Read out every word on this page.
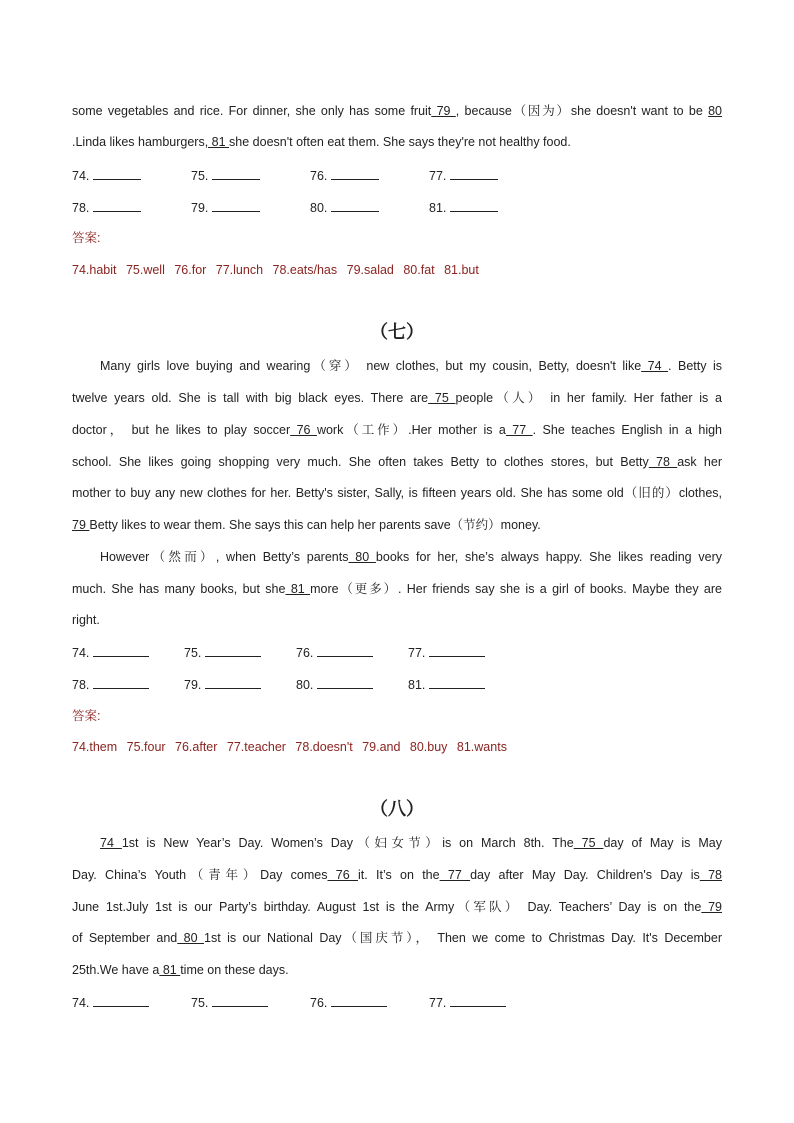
some vegetables and rice. For dinner, she only has some fruit 79 , because（因为）she doesn't want to be 80
.Linda likes hamburgers, 81 she doesn't often eat them. She says they're not healthy food.
74.	75.	76.	77.
78.	79.	80.	81.
答案:
74.habit 75.well 76.for 77.lunch 78.eats/has 79.salad 80.fat 81.but
（七）
Many girls love buying and wearing（穿） new clothes, but my cousin, Betty, doesn't like 74 . Betty is
twelve years old. She is tall with big black eyes. There are 75 people（人） in her family. Her father is a
doctor， but he likes to play soccer 76 work（工作）.Her mother is a 77 . She teaches English in a high
school. She likes going shopping very much. She often takes Betty to clothes stores, but Betty 78 ask her
mother to buy any new clothes for her. Betty's sister, Sally, is fifteen years old. She has some old（旧的）clothes,
79 Betty likes to wear them. She says this can help her parents save（节约）money.
However（然而）, when Betty’s parents 80 books for her, she’s always happy. She likes reading very
much. She has many books, but she 81 more（更多）. Her friends say she is a girl of books. Maybe they are
right.
74.	75.	76.	77.
78.	79.	80.	81.
答案:
74.them 75.four 76.after 77.teacher 78.doesn't 79.and 80.buy 81.wants
（八）
74 1st is New Year’s Day. Women’s Day（妇女节）is on March 8th. The 75 day of May is May
Day. China’s Youth（青年）Day comes 76 it. It’s on the 77 day after May Day. Children's Day is 78
June 1st.July 1st is our Party’s birthday. August 1st is the Army（军队） Day. Teachers’ Day is on the 79
of September and 80 1st is our National Day（国庆节）， Then we come to Christmas Day. It's December
25th.We have a 81 time on these days.
74.	75.	76.	77.
